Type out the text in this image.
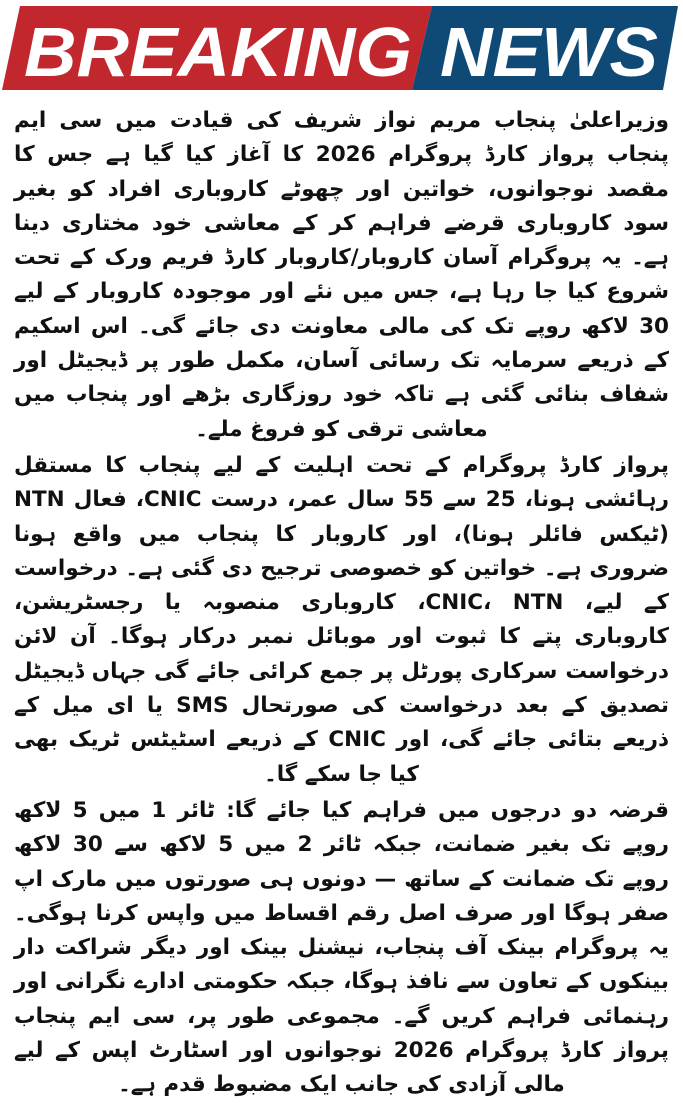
BREAKING NEWS

وزیراعلیٰ پنجاب مریم نواز شریف کی قیادت میں سی ایم پنجاب پرواز کارڈ پروگرام 2026 کا آغاز کیا گیا ہے جس کا مقصد نوجوانوں، خواتین اور چھوٹے کاروباری افراد کو بغیر سود کاروباری قرضے فراہم کر کے معاشی خود مختاری دینا ہے۔ یہ پروگرام آسان کاروبار/کاروبار کارڈ فریم ورک کے تحت شروع کیا جا رہا ہے، جس میں نئے اور موجودہ کاروبار کے لیے 30 لاکھ روپے تک کی مالی معاونت دی جائے گی۔ اس اسکیم کے ذریعے سرمایہ تک رسائی آسان، مکمل طور پر ڈیجیٹل اور شفاف بنائی گئی ہے تاکہ خود روزگاری بڑھے اور پنجاب میں معاشی ترقی کو فروغ ملے۔

پرواز کارڈ پروگرام کے تحت اہلیت کے لیے پنجاب کا مستقل رہائشی ہونا، 25 سے 55 سال عمر، درست CNIC، فعال NTN (ٹیکس فائلر ہونا)، اور کاروبار کا پنجاب میں واقع ہونا ضروری ہے۔ خواتین کو خصوصی ترجیح دی گئی ہے۔ درخواست کے لیے، CNIC، NTN، کاروباری منصوبہ یا رجسٹریشن، کاروباری پتے کا ثبوت اور موبائل نمبر درکار ہوگا۔ آن لائن درخواست سرکاری پورٹل پر جمع کرائی جائے گی جہاں ڈیجیٹل تصدیق کے بعد درخواست کی صورتحال SMS یا ای میل کے ذریعے بتائی جائے گی، اور CNIC کے ذریعے اسٹیٹس ٹریک بھی کیا جا سکے گا۔

قرضہ دو درجوں میں فراہم کیا جائے گا: ٹائر 1 میں 5 لاکھ روپے تک بغیر ضمانت، جبکہ ٹائر 2 میں 5 لاکھ سے 30 لاکھ روپے تک ضمانت کے ساتھ — دونوں ہی صورتوں میں مارک اپ صفر ہوگا اور صرف اصل رقم اقساط میں واپس کرنا ہوگی۔ یہ پروگرام بینک آف پنجاب، نیشنل بینک اور دیگر شراکت دار بینکوں کے تعاون سے نافذ ہوگا، جبکہ حکومتی ادارے نگرانی اور رہنمائی فراہم کریں گے۔ مجموعی طور پر، سی ایم پنجاب پرواز کارڈ پروگرام 2026 نوجوانوں اور اسٹارٹ اپس کے لیے مالی آزادی کی جانب ایک مضبوط قدم ہے۔
